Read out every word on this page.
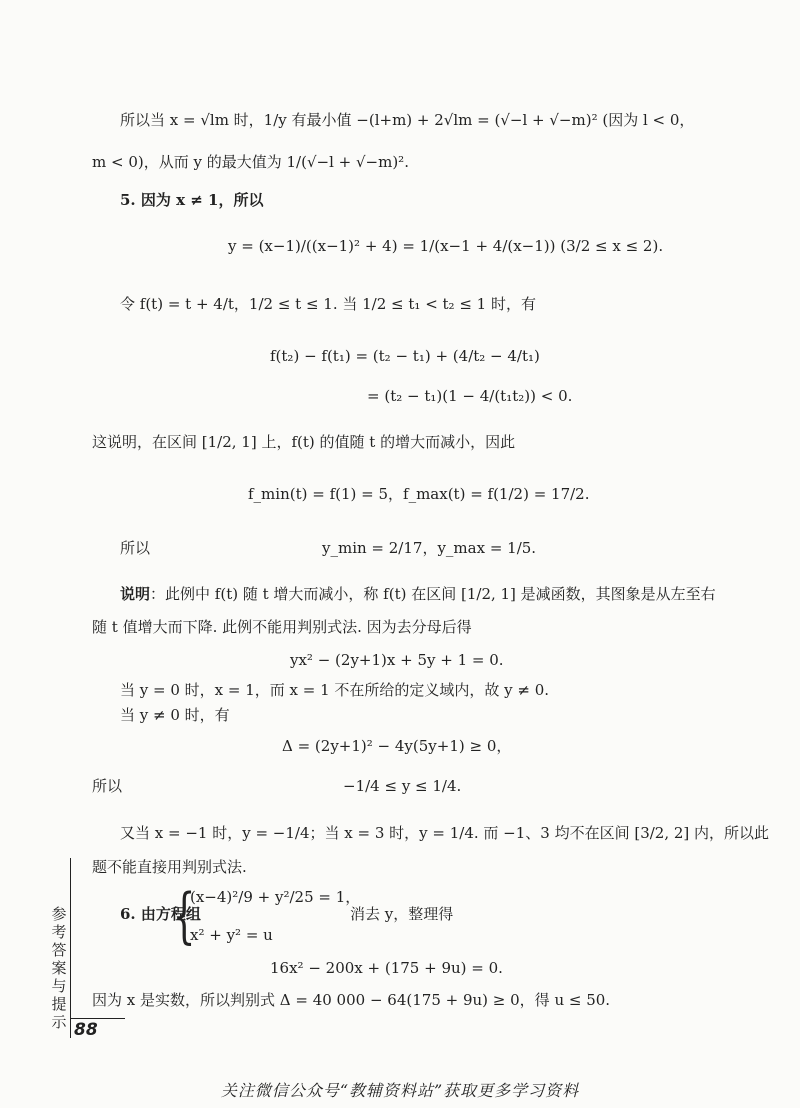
所以当 x = √lm 时，1/y 有最小值 −(l+m) + 2√lm = (√−l + √−m)² (因为 l < 0，
m < 0)，从而 y 的最大值为 1/(√−l + √−m)².
5. 因为 x ≠ 1，所以
y = (x−1)/((x−1)² + 4) = 1/(x−1 + 4/(x−1)) (3/2 ≤ x ≤ 2).
令 f(t) = t + 4/t，1/2 ≤ t ≤ 1. 当 1/2 ≤ t₁ < t₂ ≤ 1 时，有
f(t₂) − f(t₁) = (t₂ − t₁) + (4/t₂ − 4/t₁)
= (t₂ − t₁)(1 − 4/(t₁t₂)) < 0.
这说明，在区间 [1/2, 1] 上，f(t) 的值随 t 的增大而减小，因此
f_min(t) = f(1) = 5，f_max(t) = f(1/2) = 17/2.
所以	y_min = 2/17，y_max = 1/5.
说明：此例中 f(t) 随 t 增大而减小，称 f(t) 在区间 [1/2, 1] 是减函数，其图象是从左至右
随 t 值增大而下降. 此例不能用判别式法. 因为去分母后得
yx² − (2y+1)x + 5y + 1 = 0.
当 y = 0 时，x = 1，而 x = 1 不在所给的定义域内，故 y ≠ 0.
当 y ≠ 0 时，有
Δ = (2y+1)² − 4y(5y+1) ≥ 0，
所以	−1/4 ≤ y ≤ 1/4.
又当 x = −1 时，y = −1/4；当 x = 3 时，y = 1/4. 而 −1、3 均不在区间 [3/2, 2] 内，所以此
题不能直接用判别式法.
6. 由方程组
{
(x−4)²/9 + y²/25 = 1，
x² + y² = u
消去 y，整理得
16x² − 200x + (175 + 9u) = 0.
因为 x 是实数，所以判别式 Δ = 40 000 − 64(175 + 9u) ≥ 0，得 u ≤ 50.
参考答案与提示 88
关注微信公众号“教辅资料站”获取更多学习资料
